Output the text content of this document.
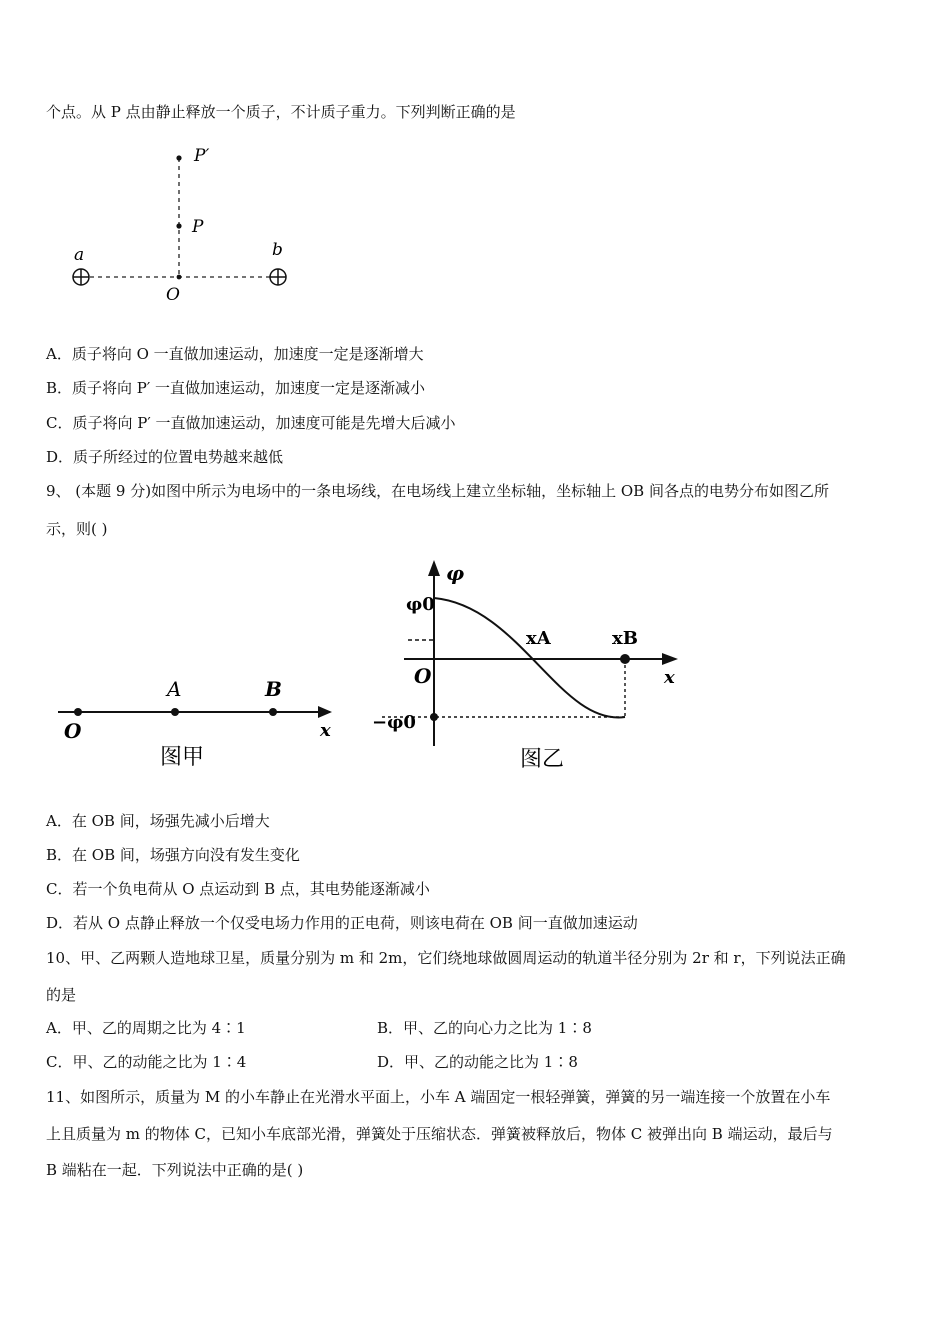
个点。从 P 点由静止释放一个质子，不计质子重力。下列判断正确的是
P′
P
a	b
O
A．质子将向 O 一直做加速运动，加速度一定是逐渐增大
B．质子将向 P′ 一直做加速运动，加速度一定是逐渐减小
C．质子将向 P′ 一直做加速运动，加速度可能是先增大后减小
D．质子所经过的位置电势越来越低
9、 (本题 9 分)如图中所示为电场中的一条电场线，在电场线上建立坐标轴，坐标轴上 OB 间各点的电势分布如图乙所
示，则( )
O
A	B
x
图甲
φ
φ0
−φ0
O
xA	xB
x
图乙
A．在 OB 间，场强先减小后增大
B．在 OB 间，场强方向没有发生变化
C．若一个负电荷从 O 点运动到 B 点，其电势能逐渐减小
D．若从 O 点静止释放一个仅受电场力作用的正电荷，则该电荷在 OB 间一直做加速运动
10、甲、乙两颗人造地球卫星，质量分别为 m 和 2m，它们绕地球做圆周运动的轨道半径分别为 2r 和 r，下列说法正确
的是
A．甲、乙的周期之比为 4∶1	B．甲、乙的向心力之比为 1∶8
C．甲、乙的动能之比为 1∶4	D．甲、乙的动能之比为 1∶8
11、如图所示，质量为 M 的小车静止在光滑水平面上，小车 A 端固定一根轻弹簧，弹簧的另一端连接一个放置在小车
上且质量为 m 的物体 C，已知小车底部光滑，弹簧处于压缩状态．弹簧被释放后，物体 C 被弹出向 B 端运动，最后与
B 端粘在一起．下列说法中正确的是( )
